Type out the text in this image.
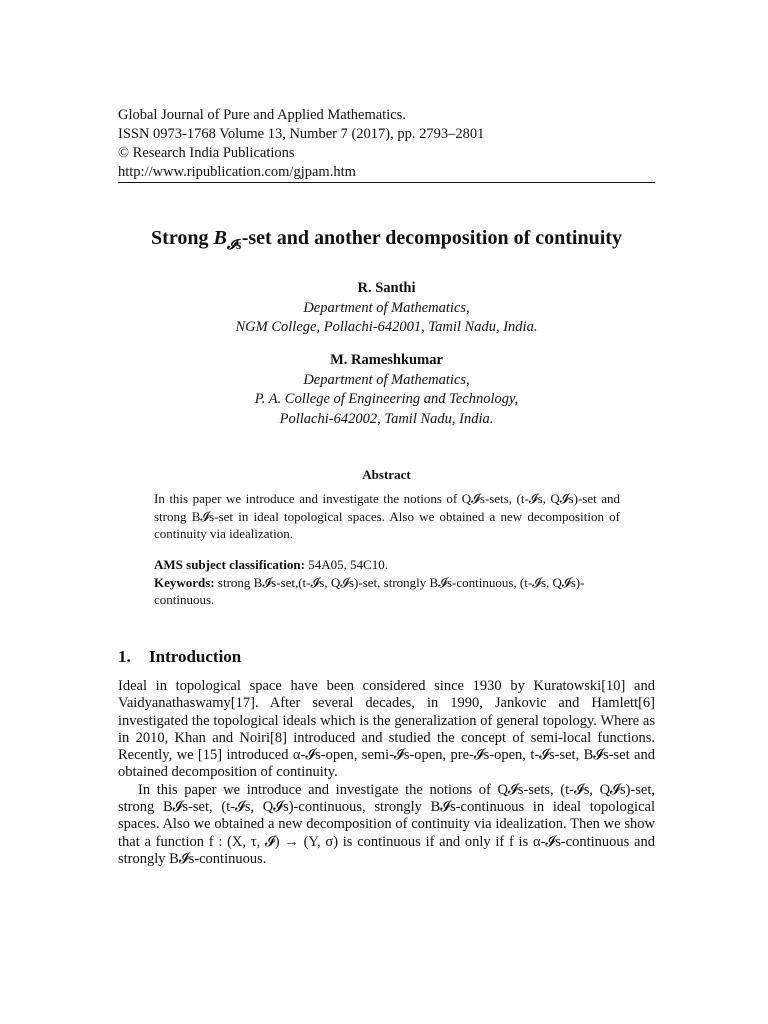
Global Journal of Pure and Applied Mathematics.

ISSN 0973-1768 Volume 13, Number 7 (2017), pp. 2793–2801

© Research India Publications

http://www.ripublication.com/gjpam.htm

Strong $B_{𝓘s}$-set and another decomposition of continuity
R. Santhi
Department of Mathematics,
NGM College, Pollachi-642001, Tamil Nadu, India.
M. Rameshkumar
Department of Mathematics,
P. A. College of Engineering and Technology,
Pollachi-642002, Tamil Nadu, India.
Abstract
In this paper we introduce and investigate the notions of Q𝓘s-sets, (t-𝓘s, Q𝓘s)-set and strong B𝓘s-set in ideal topological spaces. Also we obtained a new decomposition of continuity via idealization.
AMS subject classification: 54A05, 54C10.
Keywords: strong B𝓘s-set,(t-𝓘s, Q𝓘s)-set, strongly B𝓘s-continuous, (t-𝓘s, Q𝓘s)-continuous.
1. Introduction

Ideal in topological space have been considered since 1930 by Kuratowski[10] and Vaidyanathaswamy[17]. After several decades, in 1990, Jankovic and Hamlett[6] investigated the topological ideals which is the generalization of general topology. Where as in 2010, Khan and Noiri[8] introduced and studied the concept of semi-local functions. Recently, we [15] introduced α-𝓘s-open, semi-𝓘s-open, pre-𝓘s-open, t-𝓘s-set, B𝓘s-set and obtained decomposition of continuity.

In this paper we introduce and investigate the notions of Q𝓘s-sets, (t-𝓘s, Q𝓘s)-set, strong B𝓘s-set, (t-𝓘s, Q𝓘s)-continuous, strongly B𝓘s-continuous in ideal topological spaces. Also we obtained a new decomposition of continuity via idealization. Then we show that a function f : (X, τ, 𝓘) → (Y, σ) is continuous if and only if f is α-𝓘s-continuous and strongly B𝓘s-continuous.
